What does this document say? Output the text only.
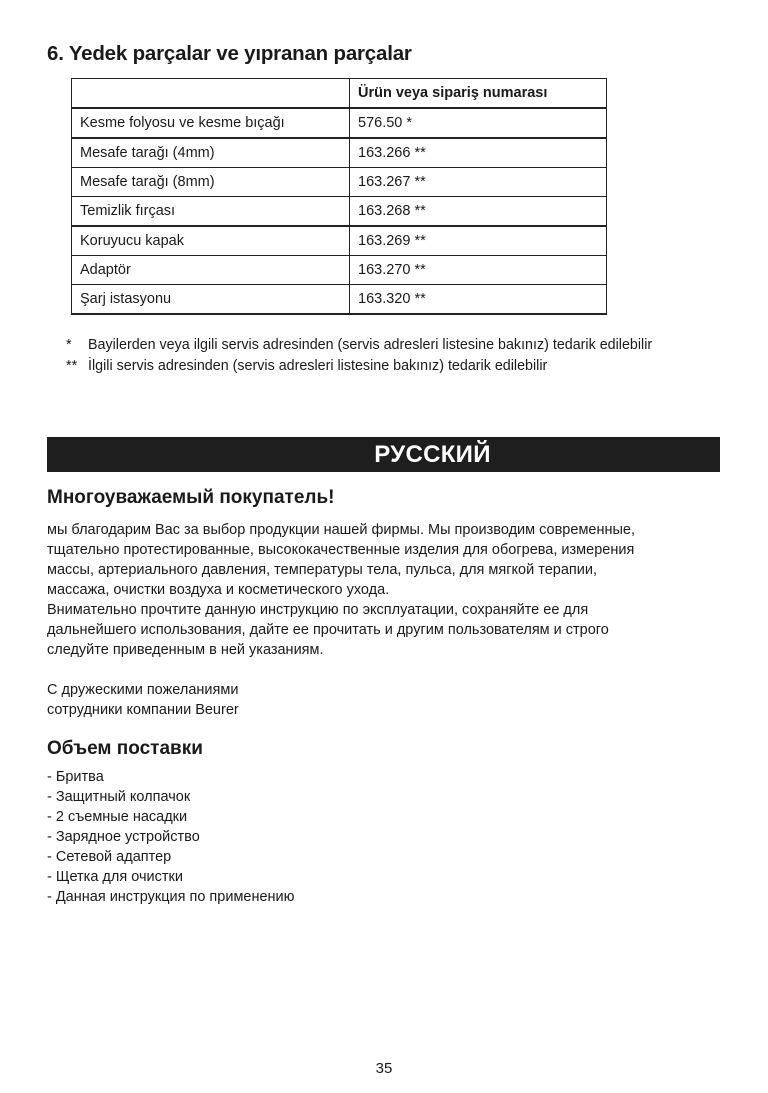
6. Yedek parçalar ve yıpranan parçalar
	Ürün veya sipariş numarası
Kesme folyosu ve kesme bıçağı	576.50 *
Mesafe tarağı (4mm)	163.266 **
Mesafe tarağı (8mm)	163.267 **
Temizlik fırçası	163.268 **
Koruyucu kapak	163.269 **
Adaptör	163.270 **
Şarj istasyonu	163.320 **
*	Bayilerden veya ilgili servis adresinden (servis adresleri listesine bakınız) tedarik edilebilir
** İlgili servis adresinden (servis adresleri listesine bakınız) tedarik edilebilir
РУССКИЙ
Многоуважаемый покупатель!

мы благодарим Вас за выбор продукции нашей фирмы. Мы производим современные,
тщательно протестированные, высококачественные изделия для обогрева, измерения
массы, артериального давления, температуры тела, пульса, для мягкой терапии,
массажа, очистки воздуха и косметического ухода.
Внимательно прочтите данную инструкцию по эксплуатации, сохраняйте ее для
дальнейшего использования, дайте ее прочитать и другим пользователям и строго
следуйте приведенным в ней указаниям.

С дружескими пожеланиями
сотрудники компании Beurer

Объем поставки
- Бритва
- Защитный колпачок
- 2 съемные насадки
- Зарядное устройство
- Сетевой адаптер
- Щетка для очистки
- Данная инструкция по применению
35
